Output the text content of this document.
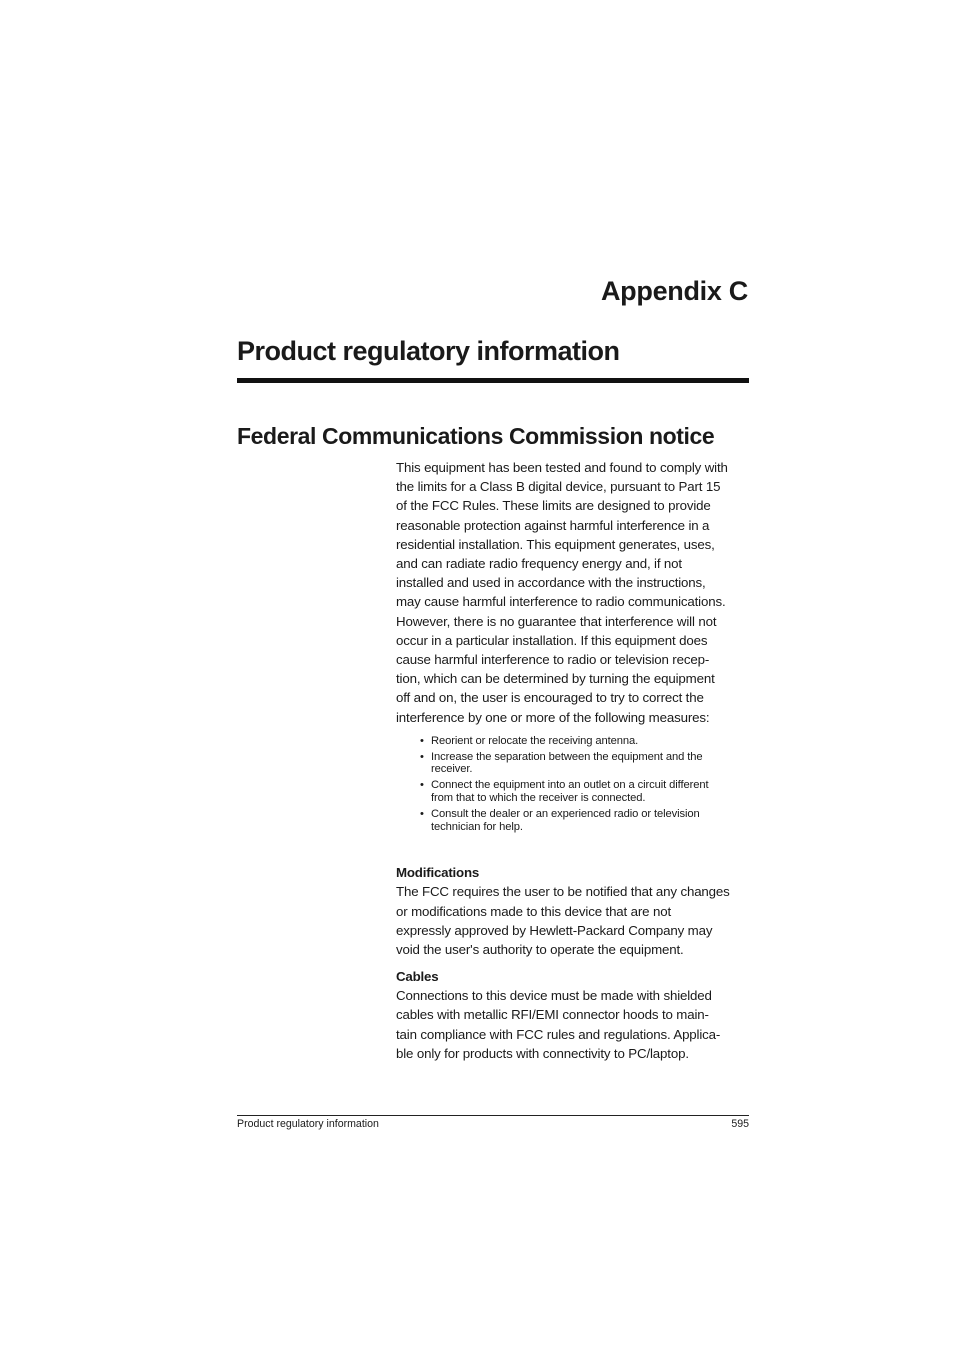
Appendix C
Product regulatory information
Federal Communications Commission notice

This equipment has been tested and found to comply with
the limits for a Class B digital device, pursuant to Part 15
of the FCC Rules. These limits are designed to provide
reasonable protection against harmful interference in a
residential installation. This equipment generates, uses,
and can radiate radio frequency energy and, if not
installed and used in accordance with the instructions,
may cause harmful interference to radio communications.
However, there is no guarantee that interference will not
occur in a particular installation. If this equipment does
cause harmful interference to radio or television recep-
tion, which can be determined by turning the equipment
off and on, the user is encouraged to try to correct the
interference by one or more of the following measures:

• Reorient or relocate the receiving antenna.
• Increase the separation between the equipment and the
receiver.
• Connect the equipment into an outlet on a circuit different
from that to which the receiver is connected.
• Consult the dealer or an experienced radio or television
technician for help.
Modifications

The FCC requires the user to be notified that any changes
or modifications made to this device that are not
expressly approved by Hewlett-Packard Company may
void the user's authority to operate the equipment.

Cables

Connections to this device must be made with shielded
cables with metallic RFI/EMI connector hoods to main-
tain compliance with FCC rules and regulations. Applica-
ble only for products with connectivity to PC/laptop.

Product regulatory information	595
